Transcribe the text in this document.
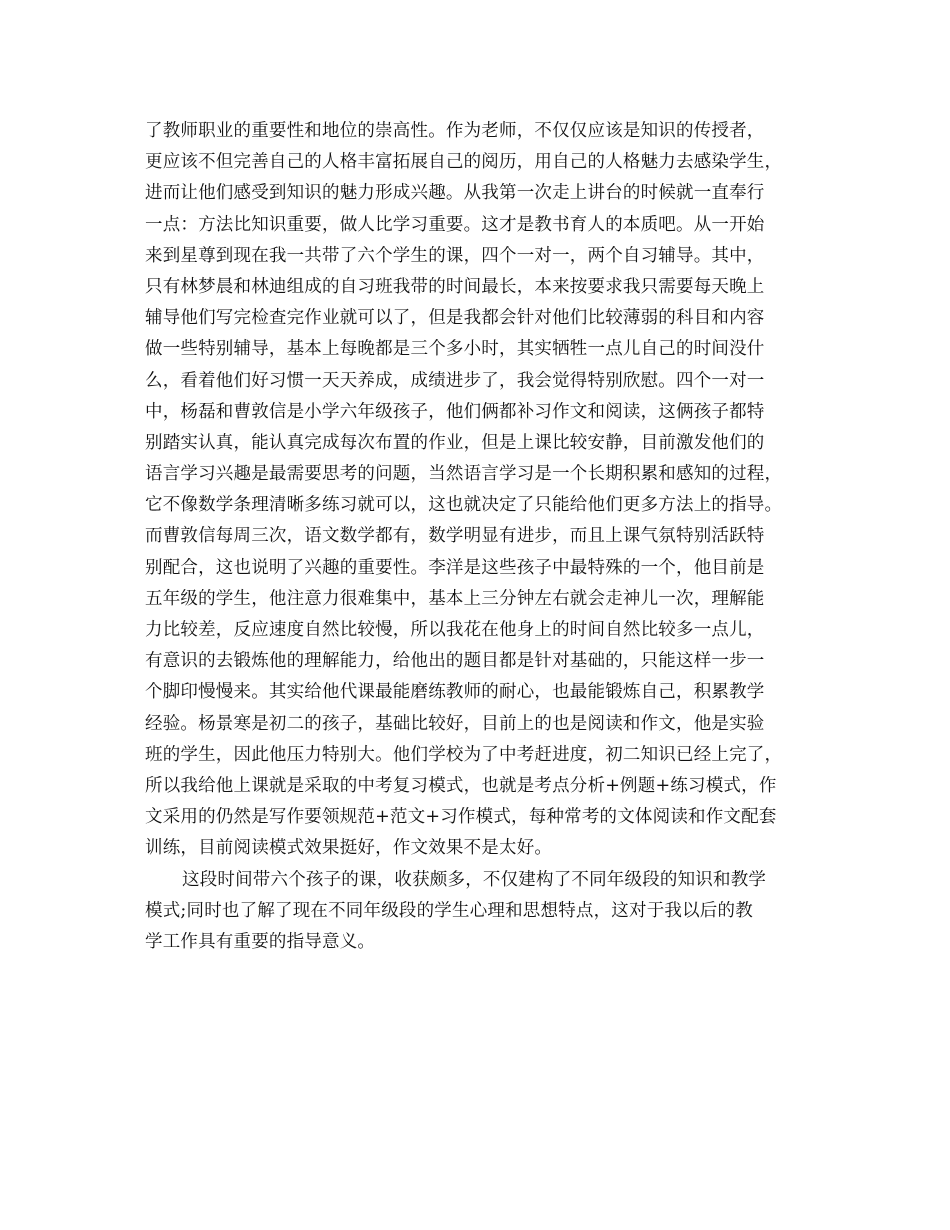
了教师职业的重要性和地位的崇高性。作为老师，不仅仅应该是知识的传授者，
更应该不但完善自己的人格丰富拓展自己的阅历，用自己的人格魅力去感染学生，
进而让他们感受到知识的魅力形成兴趣。从我第一次走上讲台的时候就一直奉行
一点：方法比知识重要，做人比学习重要。这才是教书育人的本质吧。从一开始
来到星尊到现在我一共带了六个学生的课，四个一对一，两个自习辅导。其中，
只有林梦晨和林迪组成的自习班我带的时间最长，本来按要求我只需要每天晚上
辅导他们写完检查完作业就可以了，但是我都会针对他们比较薄弱的科目和内容
做一些特别辅导，基本上每晚都是三个多小时，其实牺牲一点儿自己的时间没什
么，看着他们好习惯一天天养成，成绩进步了，我会觉得特别欣慰。四个一对一
中，杨磊和曹敦信是小学六年级孩子，他们俩都补习作文和阅读，这俩孩子都特
别踏实认真，能认真完成每次布置的作业，但是上课比较安静，目前激发他们的
语言学习兴趣是最需要思考的问题，当然语言学习是一个长期积累和感知的过程，
它不像数学条理清晰多练习就可以，这也就决定了只能给他们更多方法上的指导。
而曹敦信每周三次，语文数学都有，数学明显有进步，而且上课气氛特别活跃特
别配合，这也说明了兴趣的重要性。李洋是这些孩子中最特殊的一个，他目前是
五年级的学生，他注意力很难集中，基本上三分钟左右就会走神儿一次，理解能
力比较差，反应速度自然比较慢，所以我花在他身上的时间自然比较多一点儿，
有意识的去锻炼他的理解能力，给他出的题目都是针对基础的，只能这样一步一
个脚印慢慢来。其实给他代课最能磨练教师的耐心，也最能锻炼自己，积累教学
经验。杨景寒是初二的孩子，基础比较好，目前上的也是阅读和作文，他是实验
班的学生，因此他压力特别大。他们学校为了中考赶进度，初二知识已经上完了，
所以我给他上课就是采取的中考复习模式，也就是考点分析+例题+练习模式，作
文采用的仍然是写作要领规范+范文+习作模式，每种常考的文体阅读和作文配套
训练，目前阅读模式效果挺好，作文效果不是太好。
这段时间带六个孩子的课，收获颇多，不仅建构了不同年级段的知识和教学
模式;同时也了解了现在不同年级段的学生心理和思想特点，这对于我以后的教
学工作具有重要的指导意义。
